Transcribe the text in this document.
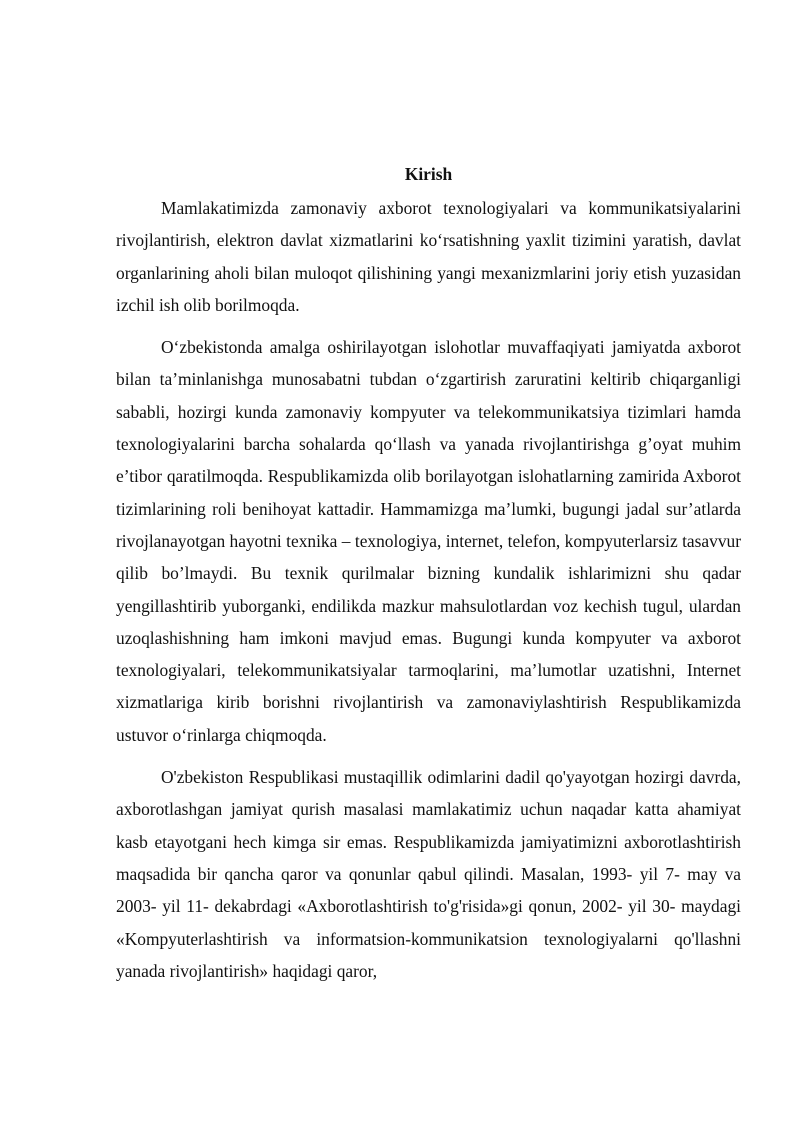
Kirish

Mamlakatimizda zamonaviy axborot texnologiyalari va kommunikatsiyalarini rivojlantirish, elektron davlat xizmatlarini ko‘rsatishning yaxlit tizimini yaratish, davlat organlarining aholi bilan muloqot qilishining yangi mexanizmlarini joriy etish yuzasidan izchil ish olib borilmoqda.

O‘zbekistonda amalga oshirilayotgan islohotlar muvaffaqiyati jamiyatda axborot bilan ta’minlanishga munosabatni tubdan o‘zgartirish zaruratini keltirib chiqarganligi sababli, hozirgi kunda zamonaviy kompyuter va telekommunikatsiya tizimlari hamda texnologiyalarini barcha sohalarda qo‘llash va yanada rivojlantirishga g’oyat muhim e’tibor qaratilmoqda. Respublikamizda olib borilayotgan islohatlarning zamirida Axborot tizimlarining roli benihoyat kattadir. Hammamizga ma’lumki, bugungi jadal sur’atlarda rivojlanayotgan hayotni texnika – texnologiya, internet, telefon, kompyuterlarsiz tasavvur qilib bo’lmaydi. Bu texnik qurilmalar bizning kundalik ishlarimizni shu qadar yengillashtirib yuborganki, endilikda mazkur mahsulotlardan voz kechish tugul, ulardan uzoqlashishning ham imkoni mavjud emas. Bugungi kunda kompyuter va axborot texnologiyalari, telekommunikatsiyalar tarmoqlarini, ma’lumotlar uzatishni, Internet xizmatlariga kirib borishni rivojlantirish va zamonaviylashtirish Respublikamizda ustuvor o‘rinlarga chiqmoqda.

O'zbekiston Respublikasi mustaqillik odimlarini dadil qo'yayotgan hozirgi davrda, axborotlashgan jamiyat qurish masalasi mamlakatimiz uchun naqadar katta ahamiyat kasb etayotgani hech kimga sir emas. Respublikamizda jamiyatimizni axborotlashtirish maqsadida bir qancha qaror va qonunlar qabul qilindi. Masalan, 1993- yil 7- may va 2003- yil 11- dekabrdagi «Axborotlashtirish to'g'risida»gi qonun, 2002- yil 30- maydagi «Kompyuterlashtirish va informatsion-kommunikatsion texnologiyalarni qo'llashni yanada rivojlantirish» haqidagi qaror,
